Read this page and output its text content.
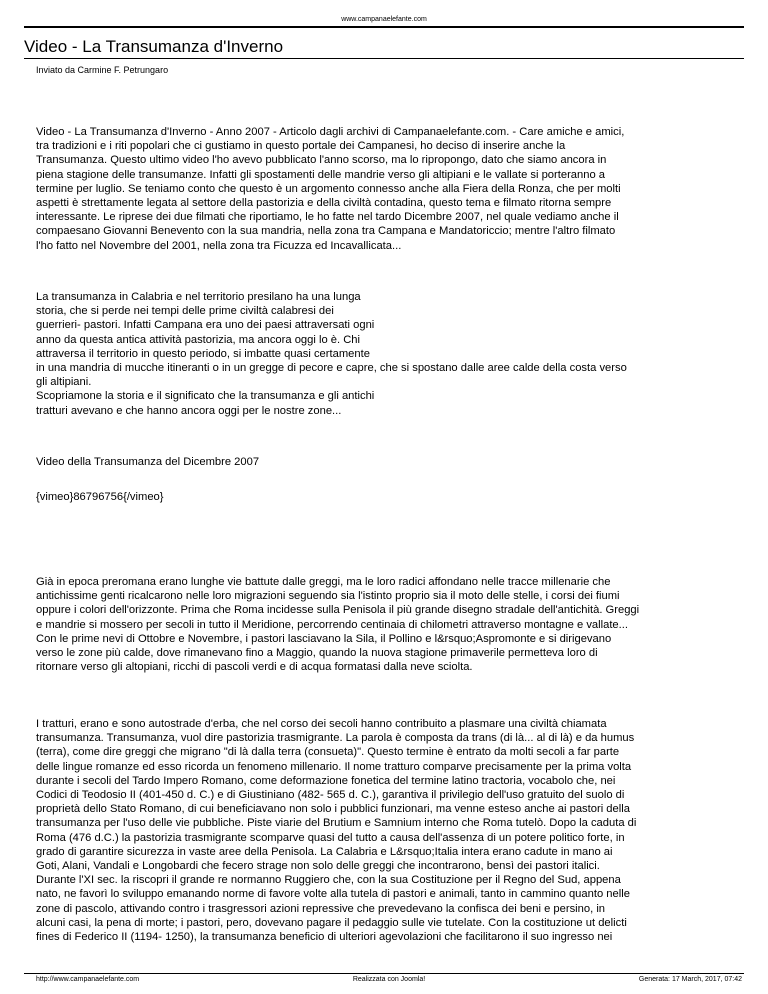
www.campanaelefante.com
Video - La Transumanza d'Inverno
Inviato da Carmine F. Petrungaro
Video - La Transumanza d'Inverno - Anno 2007 - Articolo dagli archivi di Campanaelefante.com. - Care amiche e amici,
tra tradizioni e i riti popolari che ci gustiamo in questo portale dei Campanesi, ho deciso di inserire anche la
Transumanza. Questo ultimo video l'ho avevo pubblicato l'anno scorso, ma lo ripropongo, dato che siamo ancora in
piena stagione delle transumanze. Infatti gli spostamenti delle mandrie verso gli altipiani e le vallate si porteranno a
termine per luglio. Se teniamo conto che questo è un argomento connesso anche alla Fiera della Ronza, che per molti
aspetti è strettamente legata al settore della pastorizia e della civiltà contadina, questo tema e filmato ritorna sempre
interessante. Le riprese dei due filmati che riportiamo, le ho fatte nel tardo Dicembre 2007, nel quale vediamo anche il
compaesano Giovanni Benevento con la sua mandria, nella zona tra Campana e Mandatoriccio; mentre l'altro filmato
l'ho fatto nel Novembre del 2001, nella zona tra Ficuzza ed Incavallicata...
La transumanza in Calabria e nel territorio presilano ha una lunga
storia, che si perde nei tempi delle prime civiltà calabresi dei
guerrieri- pastori. Infatti Campana era uno dei paesi attraversati ogni
anno da questa antica attività pastorizia, ma ancora oggi lo è. Chi
attraversa il territorio in questo periodo, si imbatte quasi certamente
in una mandria di mucche itineranti o in un gregge di pecore e capre, che si spostano dalle aree calde della costa verso
gli altipiani.
Scopriamone la storia e il significato che la transumanza e gli antichi
tratturi avevano e che hanno ancora oggi per le nostre zone...
Video della Transumanza del Dicembre 2007
{vimeo}86796756{/vimeo}
Già in epoca preromana erano lunghe vie battute dalle greggi, ma le loro radici affondano nelle tracce millenarie che
antichissime genti ricalcarono nelle loro migrazioni seguendo sia l'istinto proprio sia il moto delle stelle, i corsi dei fiumi
oppure i colori dell'orizzonte. Prima che Roma incidesse sulla Penisola il più grande disegno stradale dell'antichità. Greggi
e mandrie si mossero per secoli in tutto il Meridione, percorrendo centinaia di chilometri attraverso montagne e vallate...
Con le prime nevi di Ottobre e Novembre, i pastori lasciavano la Sila, il Pollino e l&rsquo;Aspromonte e si dirigevano
verso le zone più calde, dove rimanevano fino a Maggio, quando la nuova stagione primaverile permetteva loro di
ritornare verso gli altopiani, ricchi di pascoli verdi e di acqua formatasi dalla neve sciolta.
I tratturi, erano e sono autostrade d'erba, che nel corso dei secoli hanno contribuito a plasmare una civiltà chiamata
transumanza. Transumanza, vuol dire pastorizia trasmigrante. La parola è composta da trans (di là... al di là) e da humus
(terra), come dire greggi che migrano "di là dalla terra (consueta)". Questo termine è entrato da molti secoli a far parte
delle lingue romanze ed esso ricorda un fenomeno millenario. Il nome tratturo comparve precisamente per la prima volta
durante i secoli del Tardo Impero Romano, come deformazione fonetica del termine latino tractoria, vocabolo che, nei
Codici di Teodosio II (401-450 d. C.) e di Giustiniano (482- 565 d. C.), garantiva il privilegio dell'uso gratuito del suolo di
proprietà dello Stato Romano, di cui beneficiavano non solo i pubblici funzionari, ma venne esteso anche ai pastori della
transumanza per l'uso delle vie pubbliche. Piste viarie del Brutium e Samnium interno che Roma tutelò. Dopo la caduta di
Roma (476 d.C.) la pastorizia trasmigrante scomparve quasi del tutto a causa dell'assenza di un potere politico forte, in
grado di garantire sicurezza in vaste aree della Penisola. La Calabria e L&rsquo;Italia intera erano cadute in mano ai
Goti, Alani, Vandali e Longobardi che fecero strage non solo delle greggi che incontrarono, bensì dei pastori italici.
Durante l'XI sec. la riscopri il grande re normanno Ruggiero che, con la sua Costituzione per il Regno del Sud, appena
nato, ne favorì lo sviluppo emanando norme di favore volte alla tutela di pastori e animali, tanto in cammino quanto nelle
zone di pascolo, attivando contro i trasgressori azioni repressive che prevedevano la confisca dei beni e persino, in
alcuni casi, la pena di morte; i pastori, pero, dovevano pagare il pedaggio sulle vie tutelate. Con la costituzione ut delicti
fines di Federico II (1194- 1250), la transumanza beneficio di ulteriori agevolazioni che facilitarono il suo ingresso nei
http://www.campanaelefante.com	Realizzata con Joomla!	Generata: 17 March, 2017, 07:42
